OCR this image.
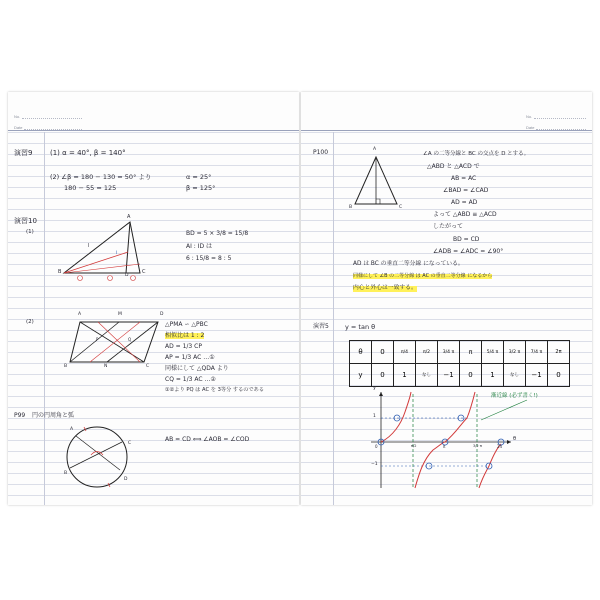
No.
Date
演習9	(1) α = 40°, β = 140°
(2) ∠β = 180 − 130 = 50° より
180 − 55 = 125
α = 25°
β = 125°
演習10
(1)
A
B	C
D
I
l
BD = 5 × 3/8 = 15/8
AI : ID は
6 : 15/8 = 8 : 5
(2)
A	M	D
B	N	C
P	Q
△PMA ∽ △PBC
相似比は 1 : 2
AD = 1/3 CP
AP = 1/3 AC …①
同様にして △QDA より
CQ = 1/3 AC …②
①②より PQ は AC を 3等分 するのである
P99 円の円周角と弧
A
B
C
D
AB = CD ⟺ ∠AOB = ∠COD
No.
Date
P100	A
B	C
∠A の二等分線と BC の交点を D とする。
△ABD と △ACD で
AB = AC
∠BAD = ∠CAD
AD = AD
よって △ABD ≡ △ACD
したがって
BD = CD
∠ADB = ∠ADC = ∠90°
AD は BC の垂直二等分線 になっている。
同様にして ∠B の二等分線 は AC の垂直二等分線 になるから
内心と外心は一致する。
演習5 y = tan θ
θ	0	π/4	π/2	3/4 π	π	5/4 π	3/2 π	7/4 π	2π
y	0	1	なし	−1	0	1	なし	−1	0
y
θ
1
−1
0	π/2	π	3/2 π	2π
漸近線 (必ず書く!)
